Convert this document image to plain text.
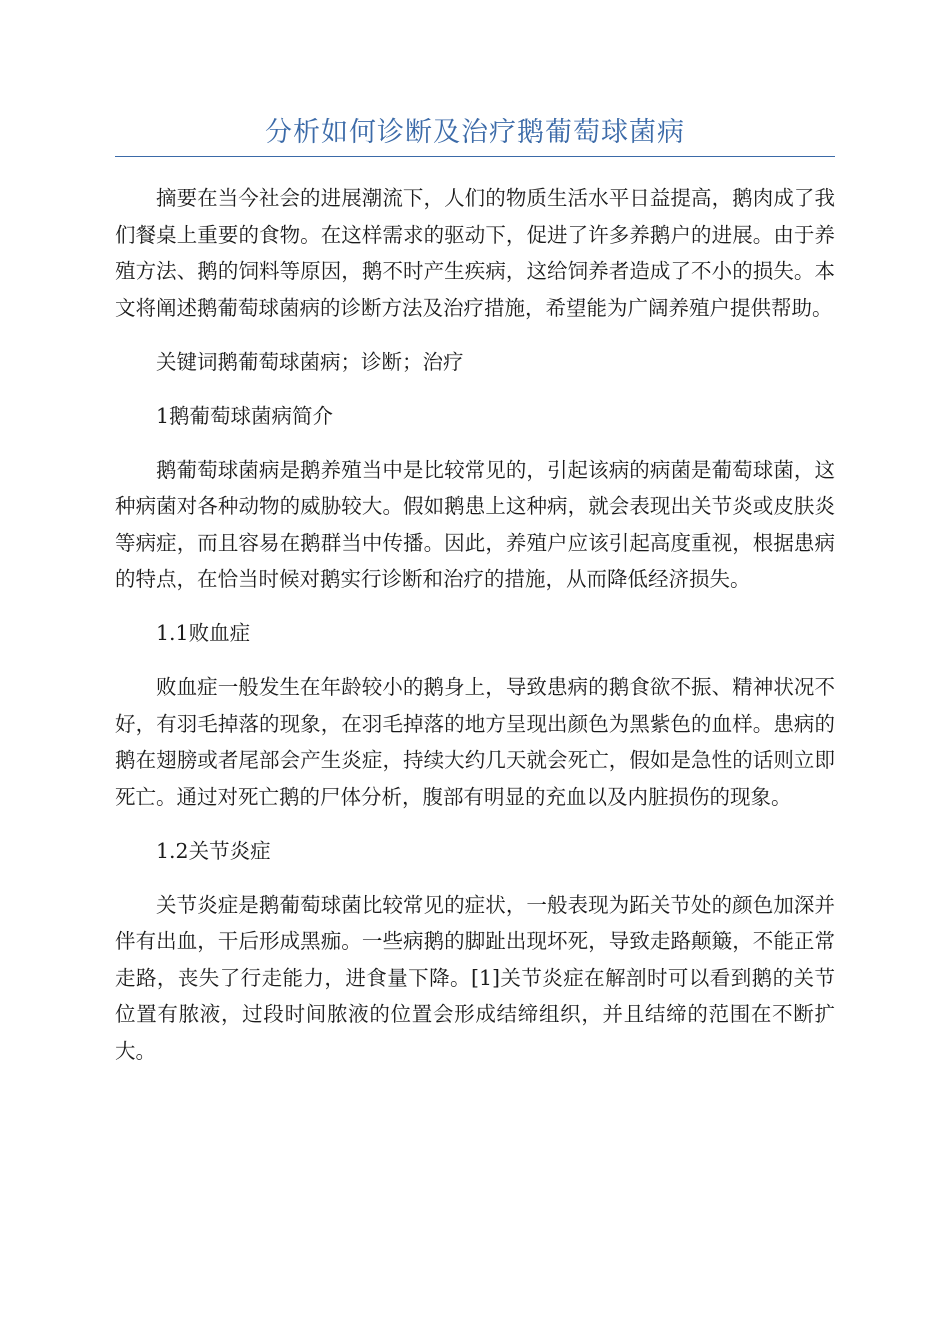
分析如何诊断及治疗鹅葡萄球菌病

摘要在当今社会的进展潮流下，人们的物质生活水平日益提高，鹅肉成了我们餐桌上重要的食物。在这样需求的驱动下，促进了许多养鹅户的进展。由于养殖方法、鹅的饲料等原因，鹅不时产生疾病，这给饲养者造成了不小的损失。本文将阐述鹅葡萄球菌病的诊断方法及治疗措施，希望能为广阔养殖户提供帮助。

关键词鹅葡萄球菌病；诊断；治疗

1鹅葡萄球菌病简介

鹅葡萄球菌病是鹅养殖当中是比较常见的，引起该病的病菌是葡萄球菌，这种病菌对各种动物的威胁较大。假如鹅患上这种病，就会表现出关节炎或皮肤炎等病症，而且容易在鹅群当中传播。因此，养殖户应该引起高度重视，根据患病的特点，在恰当时候对鹅实行诊断和治疗的措施，从而降低经济损失。

1.1败血症

败血症一般发生在年龄较小的鹅身上，导致患病的鹅食欲不振、精神状况不好，有羽毛掉落的现象，在羽毛掉落的地方呈现出颜色为黑紫色的血样。患病的鹅在翅膀或者尾部会产生炎症，持续大约几天就会死亡，假如是急性的话则立即死亡。通过对死亡鹅的尸体分析，腹部有明显的充血以及内脏损伤的现象。

1.2关节炎症

关节炎症是鹅葡萄球菌比较常见的症状，一般表现为跖关节处的颜色加深并伴有出血，干后形成黑痂。一些病鹅的脚趾出现坏死，导致走路颠簸，不能正常走路，丧失了行走能力，进食量下降。[1]关节炎症在解剖时可以看到鹅的关节位置有脓液，过段时间脓液的位置会形成结缔组织，并且结缔的范围在不断扩大。
